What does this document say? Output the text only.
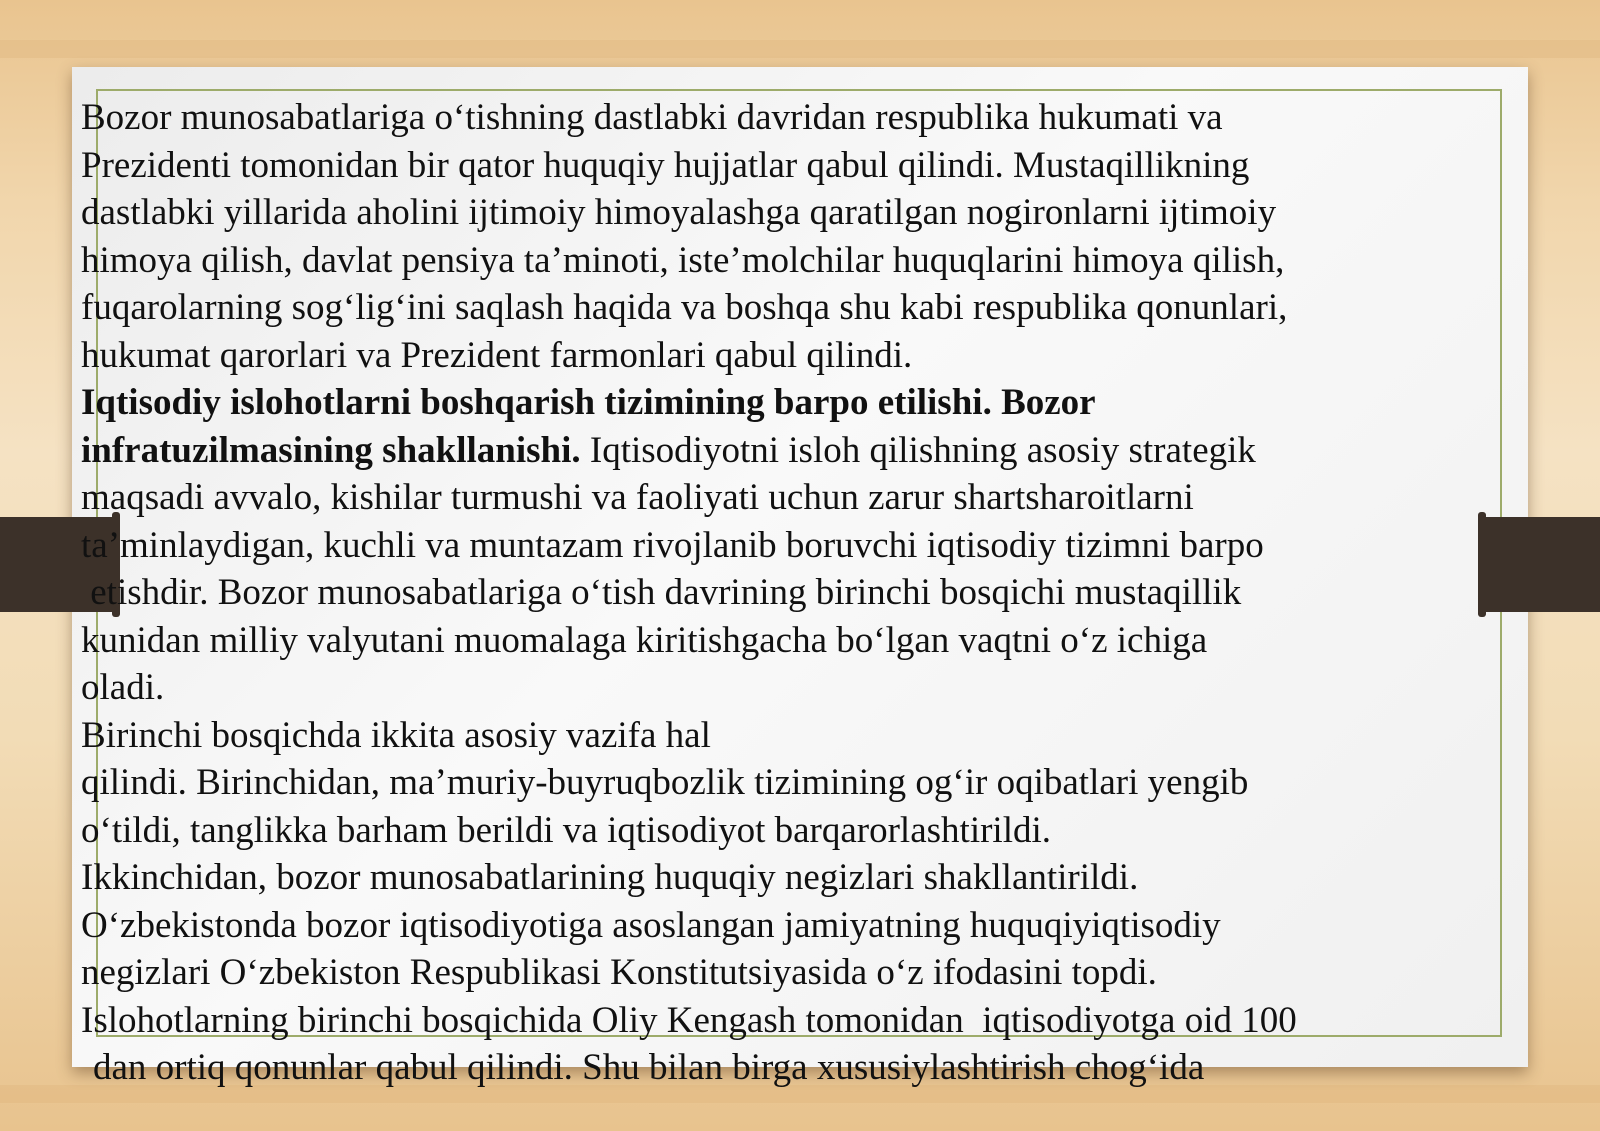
Bozor munosabatlariga o‘tishning dastlabki davridan respublika hukumati va

Prezidenti tomonidan bir qator huquqiy hujjatlar qabul qilindi. Mustaqillikning

dastlabki yillarida aholini ijtimoiy himoyalashga qaratilgan nogironlarni ijtimoiy

himoya qilish, davlat pensiya ta’minoti, iste’molchilar huquqlarini himoya qilish,

fuqarolarning sog‘lig‘ini saqlash haqida va boshqa shu kabi respublika qonunlari,

hukumat qarorlari va Prezident farmonlari qabul qilindi.

Iqtisodiy islohotlarni boshqarish tizimining barpo etilishi. Bozor

infratuzilmasining shakllanishi. Iqtisodiyotni isloh qilishning asosiy strategik

maqsadi avvalo, kishilar turmushi va faoliyati uchun zarur shartsharoitlarni

ta’minlaydigan, kuchli va muntazam rivojlanib boruvchi iqtisodiy tizimni barpo

etishdir. Bozor munosabatlariga o‘tish davrining birinchi bosqichi mustaqillik

kunidan milliy valyutani muomalaga kiritishgacha bo‘lgan vaqtni o‘z ichiga

oladi.

Birinchi bosqichda ikkita asosiy vazifa hal

qilindi. Birinchidan, ma’muriy-buyruqbozlik tizimining og‘ir oqibatlari yengib

o‘tildi, tanglikka barham berildi va iqtisodiyot barqarorlashtirildi.

Ikkinchidan, bozor munosabatlarining huquqiy negizlari shakllantirildi.

O‘zbekistonda bozor iqtisodiyotiga asoslangan jamiyatning huquqiyiqtisodiy

negizlari O‘zbekiston Respublikasi Konstitutsiyasida o‘z ifodasini topdi.

Islohotlarning birinchi bosqichida Oliy Kengash tomonidan  iqtisodiyotga oid 100

dan ortiq qonunlar qabul qilindi. Shu bilan birga xususiylashtirish chog‘ida
